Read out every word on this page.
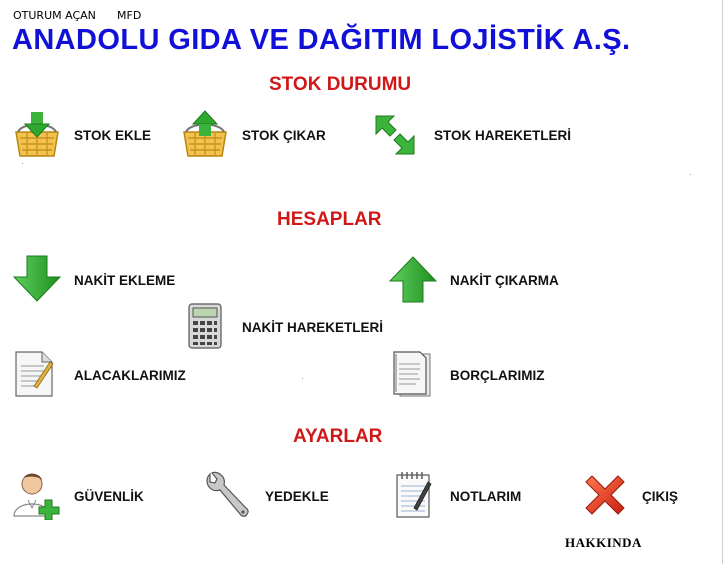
OTURUM AÇAN MFD
ANADOLU GIDA VE DAĞITIM LOJİSTİK A.Ş.
STOK DURUMU
STOK EKLE	STOK ÇIKAR	STOK HAREKETLERİ
HESAPLAR
NAKİT EKLEME	NAKİT ÇIKARMA
NAKİT HAREKETLERİ
ALACAKLARIMIZ	BORÇLARIMIZ
AYARLAR
GÜVENLİK	YEDEKLE	NOTLARIM	ÇIKIŞ
HAKKINDA
